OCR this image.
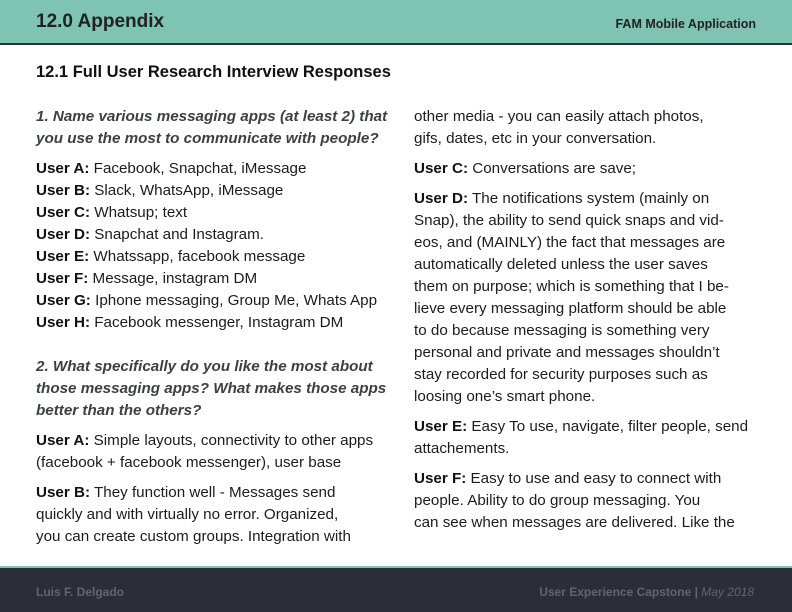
12.0 Appendix	FAM Mobile Application
12.1 Full User Research Interview Responses
1. Name various messaging apps (at least 2) that
you use the most to communicate with people?
User A: Facebook, Snapchat, iMessage
User B: Slack, WhatsApp, iMessage
User C: Whatsup; text
User D: Snapchat and Instagram.
User E: Whatssapp, facebook message
User F: Message, instagram DM
User G: Iphone messaging, Group Me, Whats App
User H: Facebook messenger, Instagram DM
2. What specifically do you like the most about
those messaging apps? What makes those apps
better than the others?
User A: Simple layouts, connectivity to other apps
(facebook + facebook messenger), user base
User B: They function well - Messages send
quickly and with virtually no error. Organized,
you can create custom groups. Integration with
other media - you can easily attach photos,
gifs, dates, etc in your conversation.
User C: Conversations are save;
User D: The notifications system (mainly on
Snap), the ability to send quick snaps and vid-
eos, and (MAINLY) the fact that messages are
automatically deleted unless the user saves
them on purpose; which is something that I be-
lieve every messaging platform should be able
to do because messaging is something very
personal and private and messages shouldn’t
stay recorded for security purposes such as
loosing one’s smart phone.
User E: Easy To use, navigate, filter people, send
attachements.
User F: Easy to use and easy to connect with
people. Ability to do group messaging. You
can see when messages are delivered. Like the
Luis F. Delgado	User Experience Capstone | May 2018
